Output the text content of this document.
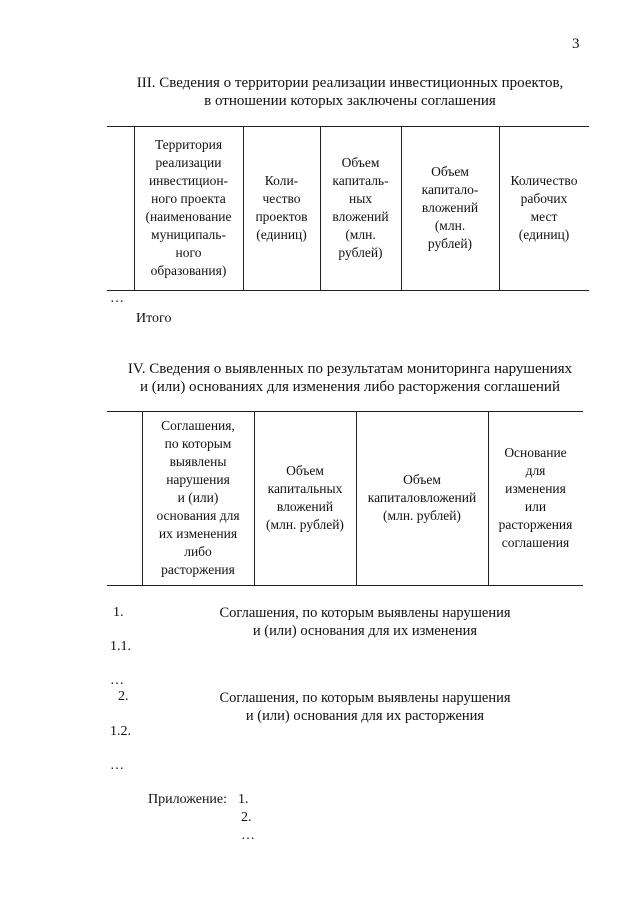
3
III. Сведения о территории реализации инвестиционных проектов,
в отношении которых заключены соглашения
Территория
реализации
инвестицион-
ного проекта
(наименование
муниципаль-
ного
образования)
Коли-
чество
проектов
(единиц)
Объем
капиталь-
ных
вложений
(млн.
рублей)
Объем
капитало-
вложений
(млн.
рублей)
Количество
рабочих
мест
(единиц)
…
Итого
IV. Сведения о выявленных по результатам мониторинга нарушениях
и (или) основаниях для изменения либо расторжения соглашений
Соглашения,
по которым
выявлены
нарушения
и (или)
основания для
их изменения
либо
расторжения
Объем
капитальных
вложений
(млн. рублей)
Объем
капиталовложений
(млн. рублей)
Основание
для
изменения
или
расторжения
соглашения
1.	Соглашения, по которым выявлены нарушения
и (или) основания для их изменения
1.1.
…
2.	Соглашения, по которым выявлены нарушения
и (или) основания для их расторжения
1.2.
…
Приложение: 1.
2.
…
